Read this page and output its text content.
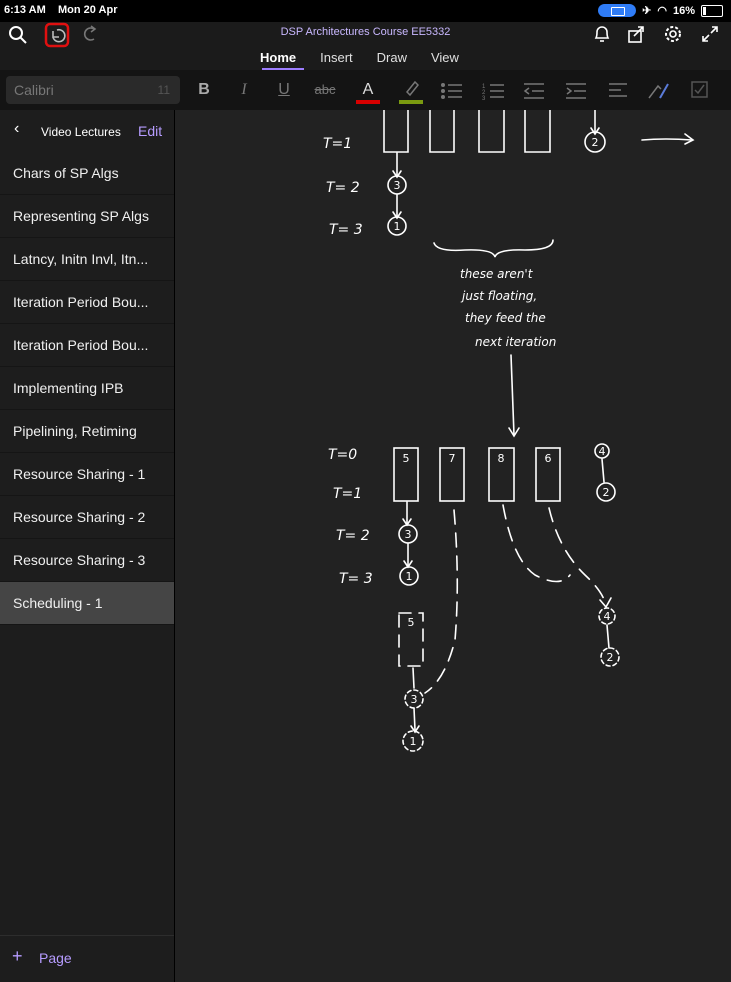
6:13 AM Mon 20 Apr	✈ ◠ 16%
DSP Architectures Course EE5332
Home Insert Draw View
Calibri	11	B	I	U	abc	A	1
2
3
‹ Video Lectures Edit
Chars of SP Algs
Representing SP Algs
Latncy, Initn Invl, Itn...
Iteration Period Bou...
Iteration Period Bou...
Implementing IPB
Pipelining, Retiming
Resource Sharing - 1
Resource Sharing - 2
Resource Sharing - 3
Scheduling - 1
+ Page
T=1
T= 2
T= 3
T=0
T=1
T= 2
T= 3
these aren't
just floating,
they feed the
next iteration
5	7	8	6
5
4
2
2
3
1
3
1
3
1
4
2
